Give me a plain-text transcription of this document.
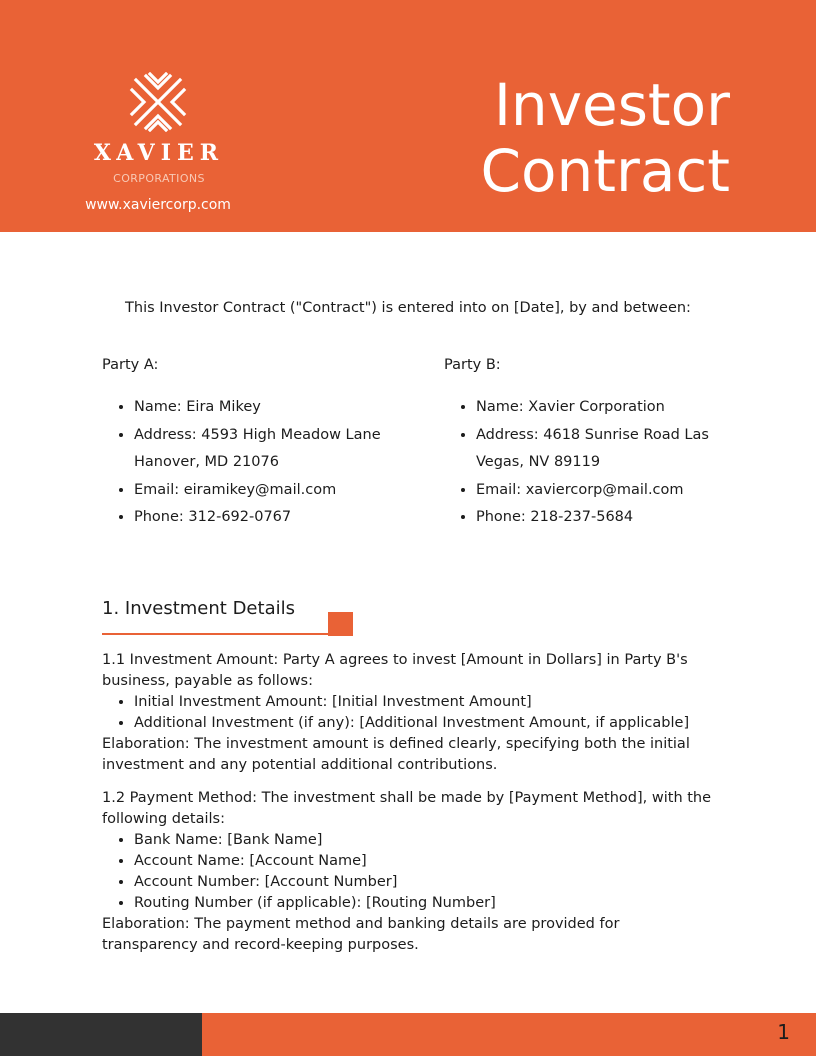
XAVIER
CORPORATIONS
www.xaviercorp.com
Investor
Contract
This Investor Contract ("Contract") is entered into on [Date], by and between:

Party A:

• Name: Eira Mikey
• Address: 4593 High Meadow Lane Hanover, MD 21076
• Email: eiramikey@mail.com
• Phone: 312-692-0767

Party B:

• Name: Xavier Corporation
• Address: 4618 Sunrise Road Las Vegas, NV 89119
• Email: xaviercorp@mail.com
• Phone: 218-237-5684
1. Investment Details

1.1 Investment Amount: Party A agrees to invest [Amount in Dollars] in Party B's business, payable as follows:

• Initial Investment Amount: [Initial Investment Amount]
• Additional Investment (if any): [Additional Investment Amount, if applicable]

Elaboration: The investment amount is defined clearly, specifying both the initial investment and any potential additional contributions.

1.2 Payment Method: The investment shall be made by [Payment Method], with the following details:

• Bank Name: [Bank Name]
• Account Name: [Account Name]
• Account Number: [Account Number]
• Routing Number (if applicable): [Routing Number]

Elaboration: The payment method and banking details are provided for transparency and record-keeping purposes.

1
